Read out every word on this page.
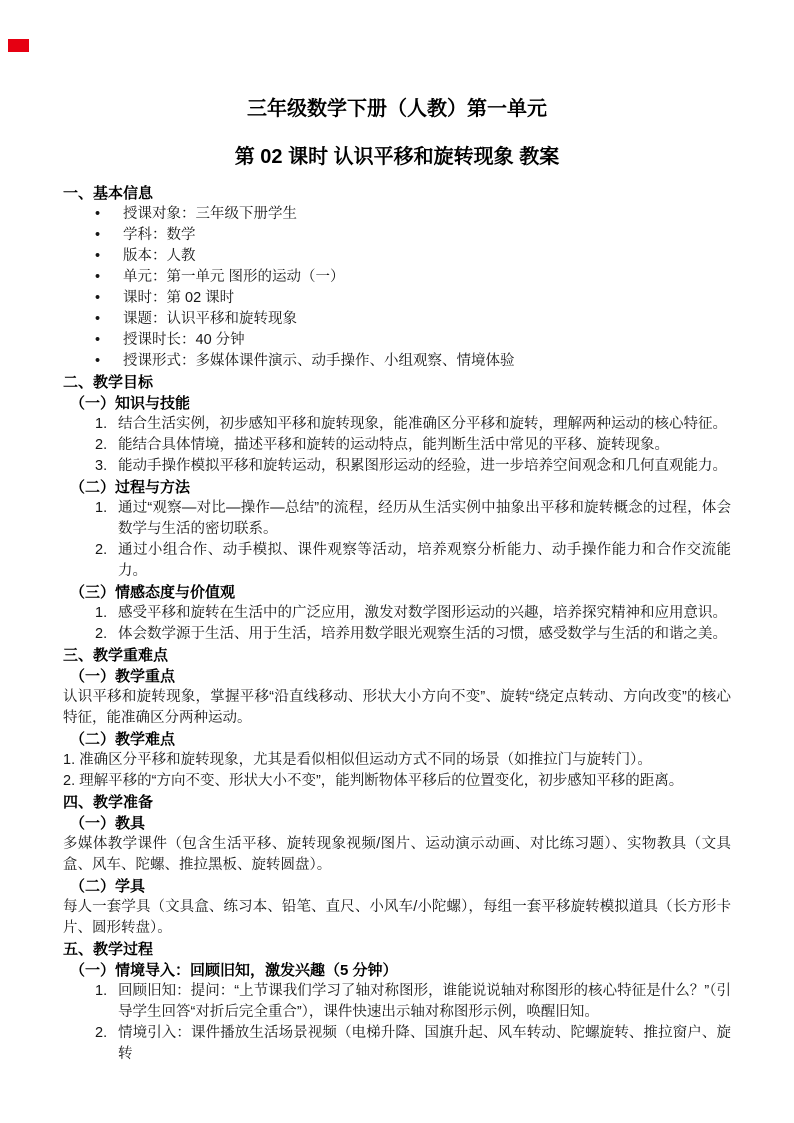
三年级数学下册（人教）第一单元
第 02 课时 认识平移和旋转现象 教案
一、基本信息
• 授课对象：三年级下册学生
• 学科：数学
• 版本：人教
• 单元：第一单元 图形的运动（一）
• 课时：第 02 课时
• 课题：认识平移和旋转现象
• 授课时长：40 分钟
• 授课形式：多媒体课件演示、动手操作、小组观察、情境体验
二、教学目标
（一）知识与技能
结合生活实例，初步感知平移和旋转现象，能准确区分平移和旋转，理解两种运动的核心特征。
能结合具体情境，描述平移和旋转的运动特点，能判断生活中常见的平移、旋转现象。
能动手操作模拟平移和旋转运动，积累图形运动的经验，进一步培养空间观念和几何直观能力。
（二）过程与方法
通过“观察—对比—操作—总结”的流程，经历从生活实例中抽象出平移和旋转概念的过程，体会数学与生活的密切联系。
通过小组合作、动手模拟、课件观察等活动，培养观察分析能力、动手操作能力和合作交流能力。
（三）情感态度与价值观
感受平移和旋转在生活中的广泛应用，激发对数学图形运动的兴趣，培养探究精神和应用意识。
体会数学源于生活、用于生活，培养用数学眼光观察生活的习惯，感受数学与生活的和谐之美。
三、教学重难点
（一）教学重点
认识平移和旋转现象，掌握平移“沿直线移动、形状大小方向不变”、旋转“绕定点转动、方向改变”的核心特征，能准确区分两种运动。
（二）教学难点
1. 准确区分平移和旋转现象，尤其是看似相似但运动方式不同的场景（如推拉门与旋转门）。
2. 理解平移的“方向不变、形状大小不变”，能判断物体平移后的位置变化，初步感知平移的距离。
四、教学准备
（一）教具
多媒体教学课件（包含生活平移、旋转现象视频/图片、运动演示动画、对比练习题）、实物教具（文具盒、风车、陀螺、推拉黑板、旋转圆盘）。
（二）学具
每人一套学具（文具盒、练习本、铅笔、直尺、小风车/小陀螺），每组一套平移旋转模拟道具（长方形卡片、圆形转盘）。
五、教学过程
（一）情境导入：回顾旧知，激发兴趣（5 分钟）
回顾旧知：提问：“上节课我们学习了轴对称图形，谁能说说轴对称图形的核心特征是什么？”（引导学生回答“对折后完全重合”），课件快速出示轴对称图形示例，唤醒旧知。
情境引入：课件播放生活场景视频（电梯升降、国旗升起、风车转动、陀螺旋转、推拉窗户、旋转
